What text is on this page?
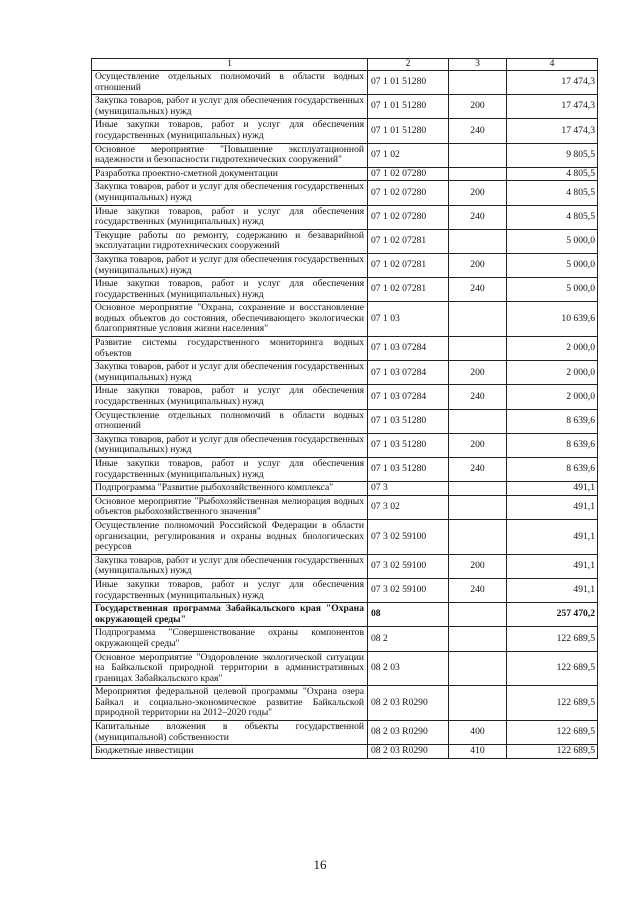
1	2	3	4
Осуществление отдельных полномочий в области водных отношений	07 1 01 51280		17 474,3
Закупка товаров, работ и услуг для обеспечения государственных (муниципальных) нужд	07 1 01 51280	200	17 474,3
Иные закупки товаров, работ и услуг для обеспечения государственных (муниципальных) нужд	07 1 01 51280	240	17 474,3
Основное мероприятие "Повышение эксплуатационной надежности и безопасности гидротехнических сооружений"	07 1 02		9 805,5
Разработка проектно-сметной документации	07 1 02 07280		4 805,5
Закупка товаров, работ и услуг для обеспечения государственных (муниципальных) нужд	07 1 02 07280	200	4 805,5
Иные закупки товаров, работ и услуг для обеспечения государственных (муниципальных) нужд	07 1 02 07280	240	4 805,5
Текущие работы по ремонту, содержанию и безаварийной эксплуатации гидротехнических сооружений	07 1 02 07281		5 000,0
Закупка товаров, работ и услуг для обеспечения государственных (муниципальных) нужд	07 1 02 07281	200	5 000,0
Иные закупки товаров, работ и услуг для обеспечения государственных (муниципальных) нужд	07 1 02 07281	240	5 000,0
Основное мероприятие "Охрана, сохранение и восстановление водных объектов до состояния, обеспечивающего экологически благоприятные условия жизни населения"	07 1 03		10 639,6
Развитие системы государственного мониторинга водных объектов	07 1 03 07284		2 000,0
Закупка товаров, работ и услуг для обеспечения государственных (муниципальных) нужд	07 1 03 07284	200	2 000,0
Иные закупки товаров, работ и услуг для обеспечения государственных (муниципальных) нужд	07 1 03 07284	240	2 000,0
Осуществление отдельных полномочий в области водных отношений	07 1 03 51280		8 639,6
Закупка товаров, работ и услуг для обеспечения государственных (муниципальных) нужд	07 1 03 51280	200	8 639,6
Иные закупки товаров, работ и услуг для обеспечения государственных (муниципальных) нужд	07 1 03 51280	240	8 639,6
Подпрограмма "Развитие рыбохозяйственного комплекса"	07 3		491,1
Основное мероприятие "Рыбохозяйственная мелиорация водных объектов рыбохозяйственного значения"	07 3 02		491,1
Осуществление полномочий Российской Федерации в области организации, регулирования и охраны водных биологических ресурсов	07 3 02 59100		491,1
Закупка товаров, работ и услуг для обеспечения государственных (муниципальных) нужд	07 3 02 59100	200	491,1
Иные закупки товаров, работ и услуг для обеспечения государственных (муниципальных) нужд	07 3 02 59100	240	491,1
Государственная программа Забайкальского края "Охрана окружающей среды"	08		257 470,2
Подпрограмма "Совершенствование охраны компонентов окружающей среды"	08 2		122 689,5
Основное мероприятие "Оздоровление экологической ситуации на Байкальской природной территории в административных границах Забайкальского края"	08 2 03		122 689,5
Мероприятия федеральной целевой программы "Охрана озера Байкал и социально-экономическое развитие Байкальской природной территории на 2012–2020 годы"	08 2 03 R0290		122 689,5
Капитальные вложения в объекты государственной (муниципальной) собственности	08 2 03 R0290	400	122 689,5
Бюджетные инвестиции	08 2 03 R0290	410	122 689,5
16
